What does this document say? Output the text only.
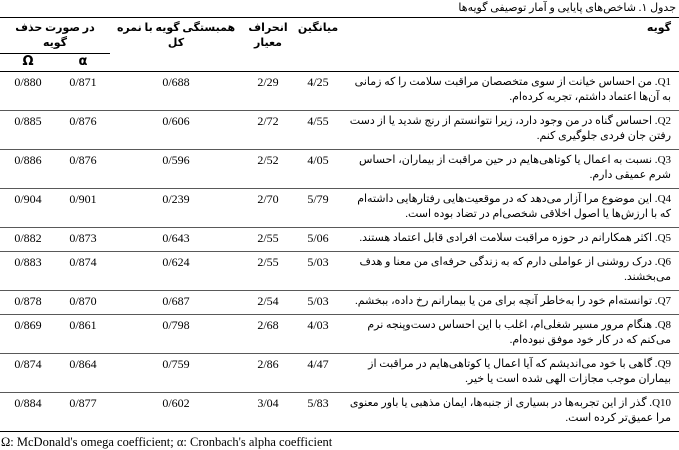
جدول ۱. شاخص‌های پایایی و آمار توصیفی گویه‌ها
گویه	میانگین	انحراف معیار	همبستگی گویه با نمره کل	در صورت حذف گویه	
				α	Ω
Q1. من احساس خیانت از سوی متخصصان مراقبت سلامت را که زمانی به آن‌ها اعتماد داشتم، تجربه کرده‌ام.	4/25	2/29	0/688	0/871	0/880
Q2. احساس گناه در من وجود دارد، زیرا نتوانستم از رنج شدید یا از دست رفتن جان فردی جلوگیری کنم.	4/55	2/72	0/606	0/876	0/885
Q3. نسبت به اعمال یا کوتاهی‌هایم در حین مراقبت از بیماران، احساس شرم عمیقی دارم.	4/05	2/52	0/596	0/876	0/886
Q4. این موضوع مرا آزار می‌دهد که در موقعیت‌هایی رفتارهایی داشته‌ام که با ارزش‌ها یا اصول اخلاقی شخصی‌ام در تضاد بوده است.	5/79	2/70	0/239	0/901	0/904
Q5. اکثر همکارانم در حوزه مراقبت سلامت افرادی قابل اعتماد هستند.	5/06	2/55	0/643	0/873	0/882
Q6. درک روشنی از عواملی دارم که به زندگی حرفه‌ای من معنا و هدف می‌بخشند.	5/03	2/55	0/624	0/874	0/883
Q7. توانسته‌ام خود را به‌خاطر آنچه برای من یا بیمارانم رخ داده، ببخشم.	5/03	2/54	0/687	0/870	0/878
Q8. هنگام مرور مسیر شغلی‌ام، اغلب با این احساس دست‌وپنجه نرم می‌کنم که در کار خود موفق نبوده‌ام.	4/03	2/68	0/798	0/861	0/869
Q9. گاهی با خود می‌اندیشم که آیا اعمال یا کوتاهی‌هایم در مراقبت از بیماران موجب مجازات الهی شده است یا خیر.	4/47	2/86	0/759	0/864	0/874
Q10. گذر از این تجربه‌ها در بسیاری از جنبه‌ها، ایمان مذهبی یا باور معنوی مرا عمیق‌تر کرده است.	5/83	3/04	0/602	0/877	0/884
Ω: McDonald's omega coefficient; α: Cronbach's alpha coefficient
